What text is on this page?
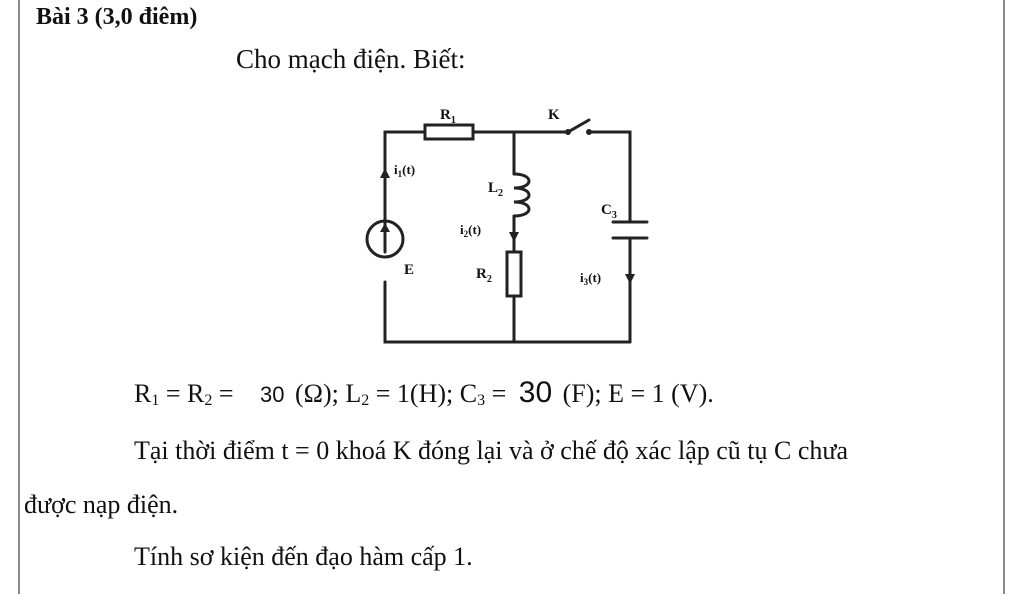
Bài 3 (3,0 điêm)
Cho mạch điện. Biết:
$R_1$	K
$i_1(t)$
$L_2$
$C_3$
$i_2(t)$
E	$R_2$	$i_3(t)$
$R_1 = R_2 = 30$ (Ω); $L_2 = 1(H)$; $C_3 = 30$ (F); E = 1 (V).
Tại thời điểm t = 0 khoá K đóng lại và ở chế độ xác lập cũ tụ C chưa
được nạp điện.
Tính sơ kiện đến đạo hàm cấp 1.
